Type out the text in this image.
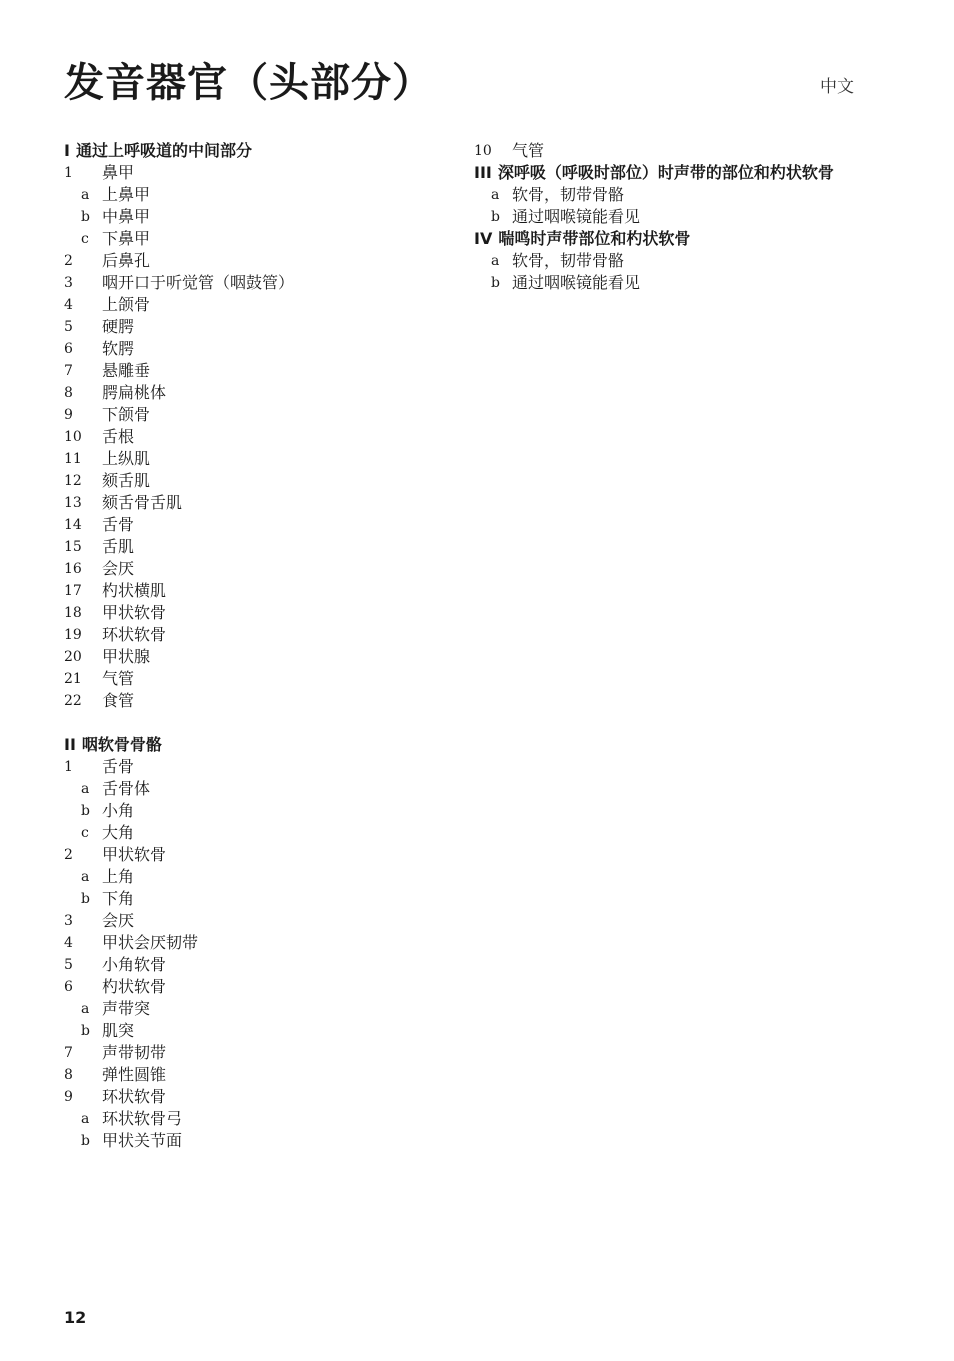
发音器官（头部分）	中文
I 通过上呼吸道的中间部分
1	鼻甲
a 上鼻甲
b 中鼻甲
c 下鼻甲
2	后鼻孔
3	咽开口于听觉管（咽鼓管）
4	上颌骨
5	硬腭
6	软腭
7	悬雕垂
8	腭扁桃体
9	下颌骨
10	舌根
11	上纵肌
12	颏舌肌
13	颏舌骨舌肌
14	舌骨
15	舌肌
16	会厌
17	杓状横肌
18	甲状软骨
19	环状软骨
20	甲状腺
21	气管
22	食管
II 咽软骨骨骼
1	舌骨
a 舌骨体
b 小角
c 大角
2	甲状软骨
a 上角
b 下角
3	会厌
4	甲状会厌韧带
5	小角软骨
6	杓状软骨
a 声带突
b 肌突
7	声带韧带
8	弹性圆锥
9	环状软骨
a 环状软骨弓
b 甲状关节面
10	气管
III 深呼吸（呼吸时部位）时声带的部位和杓状软骨
a 软骨，韧带骨骼
b 通过咽喉镜能看见
IV 喘鸣时声带部位和杓状软骨
a 软骨，韧带骨骼
b 通过咽喉镜能看见
12
